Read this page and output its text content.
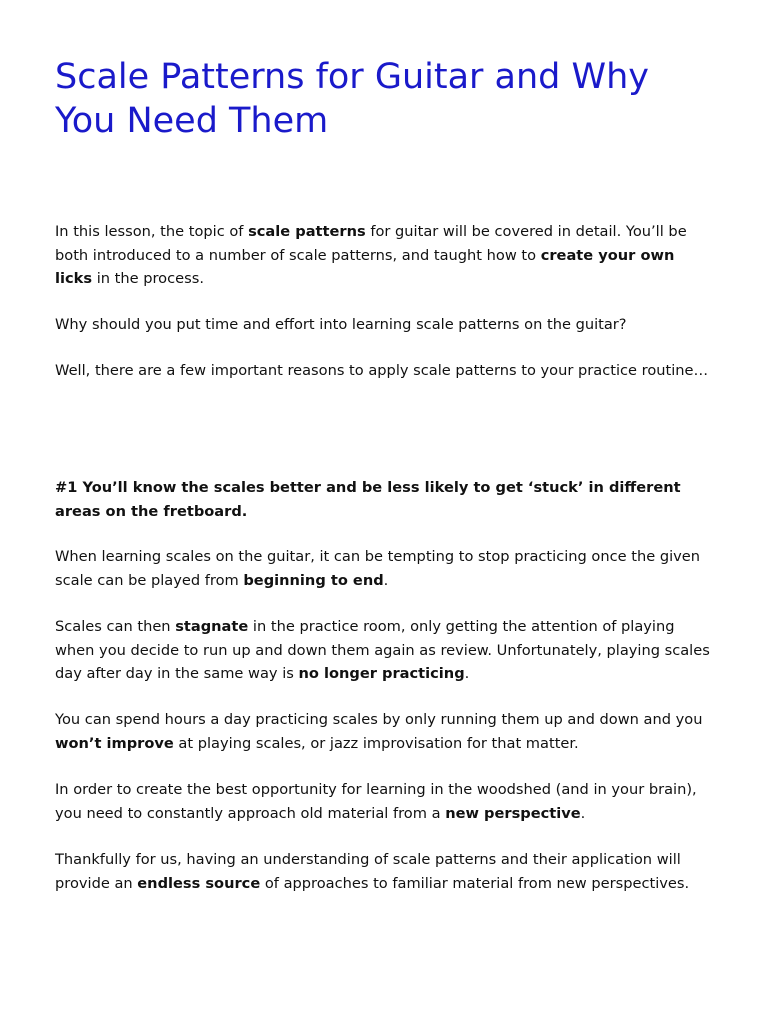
Scale Patterns for Guitar and Why You Need Them

In this lesson, the topic of scale patterns for guitar will be covered in detail. You’ll be both introduced to a number of scale patterns, and taught how to create your own licks in the process.

Why should you put time and effort into learning scale patterns on the guitar?

Well, there are a few important reasons to apply scale patterns to your practice routine…

#1 You’ll know the scales better and be less likely to get ‘stuck’ in different areas on the fretboard.

When learning scales on the guitar, it can be tempting to stop practicing once the given scale can be played from beginning to end.

Scales can then stagnate in the practice room, only getting the attention of playing when you decide to run up and down them again as review. Unfortunately, playing scales day after day in the same way is no longer practicing.

You can spend hours a day practicing scales by only running them up and down and you won’t improve at playing scales, or jazz improvisation for that matter.

In order to create the best opportunity for learning in the woodshed (and in your brain), you need to constantly approach old material from a new perspective.

Thankfully for us, having an understanding of scale patterns and their application will provide an endless source of approaches to familiar material from new perspectives.
